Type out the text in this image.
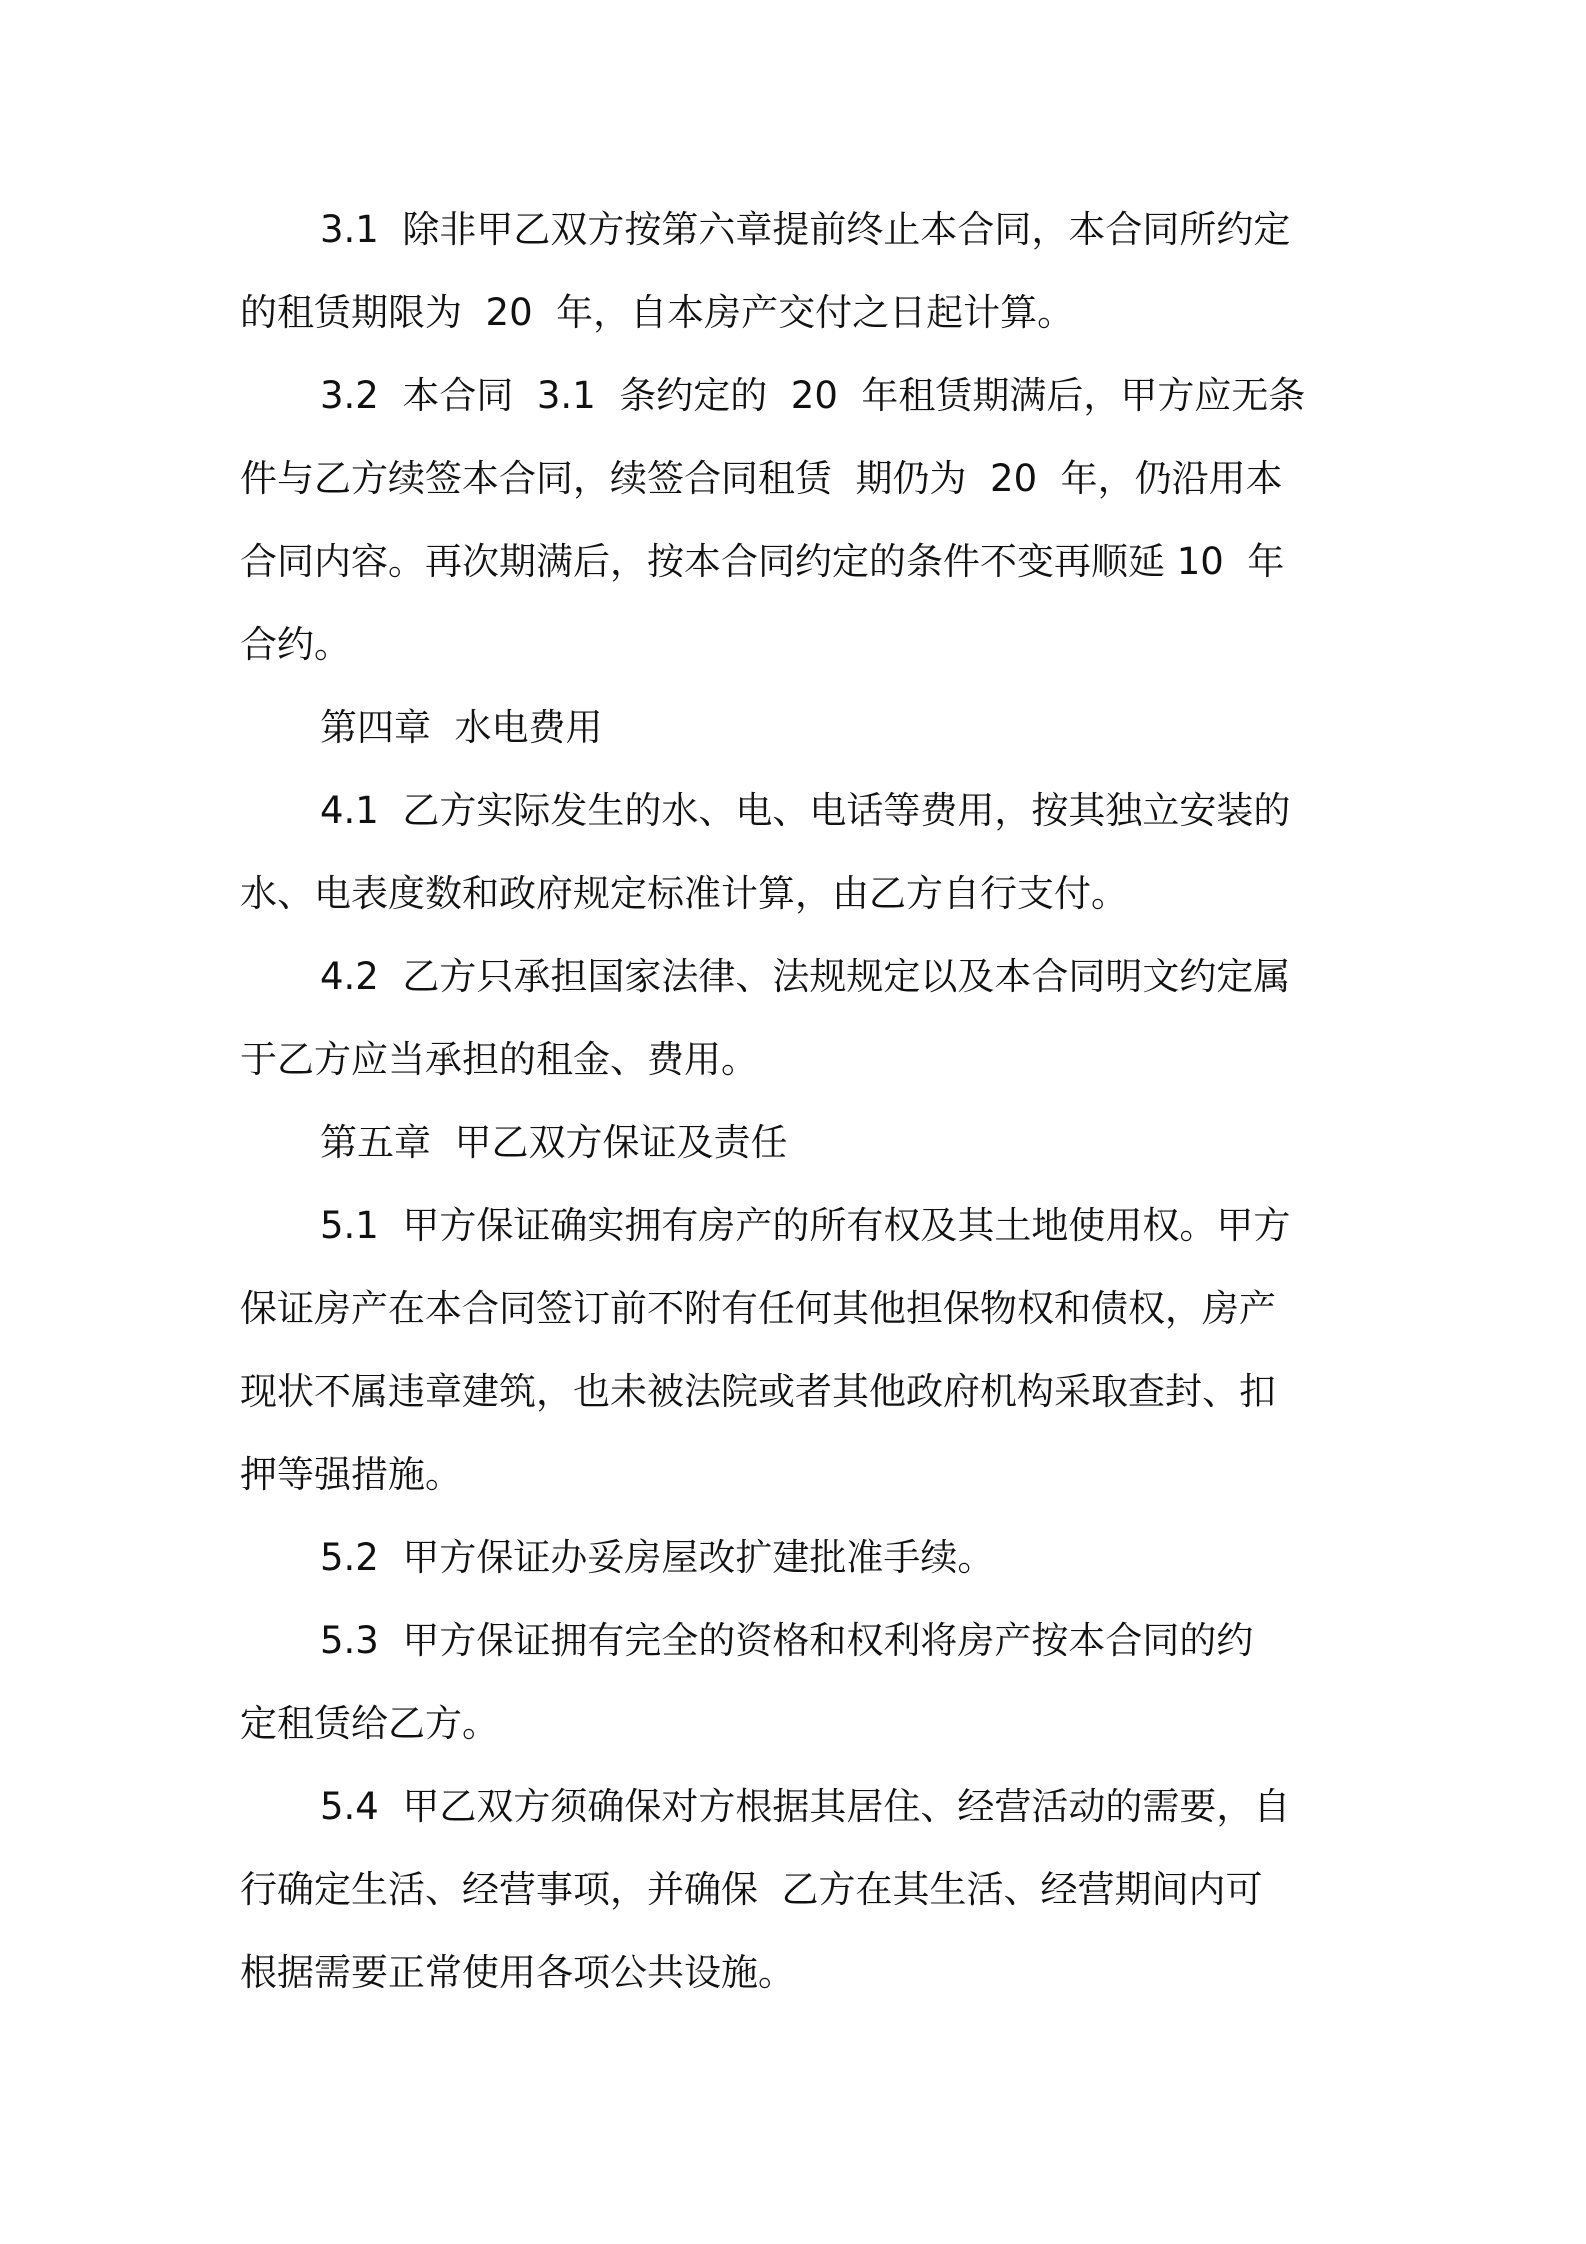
3.1  除非甲乙双方按第六章提前终止本合同，本合同所约定

的租赁期限为  20  年，自本房产交付之日起计算。

3.2  本合同  3.1  条约定的  20  年租赁期满后，甲方应无条

件与乙方续签本合同，续签合同租赁  期仍为  20  年，仍沿用本

合同内容。再次期满后，按本合同约定的条件不变再顺延 10  年

合约。

第四章  水电费用

4.1  乙方实际发生的水、电、电话等费用，按其独立安装的

水、电表度数和政府规定标准计算，由乙方自行支付。

4.2  乙方只承担国家法律、法规规定以及本合同明文约定属

于乙方应当承担的租金、费用。

第五章  甲乙双方保证及责任

5.1  甲方保证确实拥有房产的所有权及其土地使用权。甲方

保证房产在本合同签订前不附有任何其他担保物权和债权，房产

现状不属违章建筑，也未被法院或者其他政府机构采取查封、扣

押等强措施。

5.2  甲方保证办妥房屋改扩建批准手续。

5.3  甲方保证拥有完全的资格和权利将房产按本合同的约

定租赁给乙方。

5.4  甲乙双方须确保对方根据其居住、经营活动的需要，自

行确定生活、经营事项，并确保  乙方在其生活、经营期间内可

根据需要正常使用各项公共设施。
